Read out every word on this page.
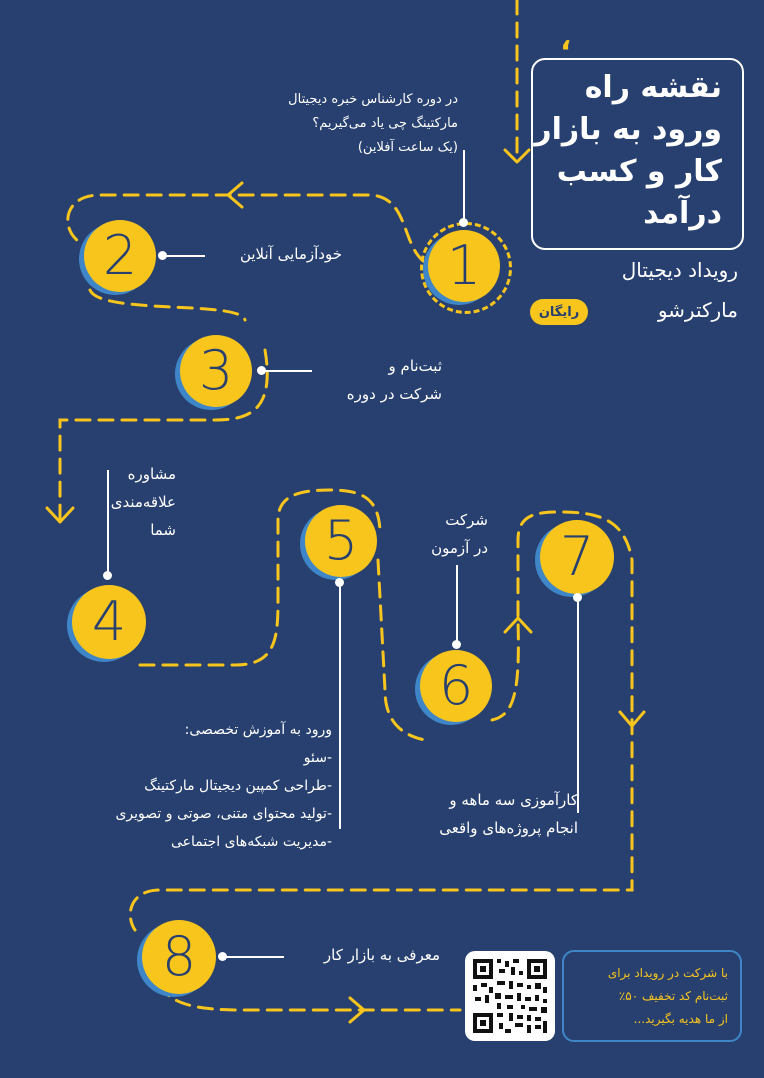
‘
نقشه راه
ورود به بازار
کار و کسب
درآمد
رویداد دیجیتال
مارکترشو
رایگان
1
در دوره کارشناس خبره دیجیتال
مارکتینگ چی یاد می‌گیریم؟
(یک ساعت آفلاین)
2	خودآزمایی آنلاین
3	ثبت‌نام و
شرکت در دوره
4
مشاوره
علاقه‌مندی
شما	5
ورود به آموزش تخصصی:
-سئو
-طراحی کمپین دیجیتال مارکتینگ
-تولید محتوای متنی، صوتی و تصویری
-مدیریت شبکه‌های اجتماعی
6
شرکت
در آزمون 7
کارآموزی سه ماهه و
انجام پروژه‌های واقعی
8	معرفی به بازار کار
با شرکت در رویداد برای
ثبت‌نام کد تخفیف ۵۰٪
از ما هدیه بگیرید...
